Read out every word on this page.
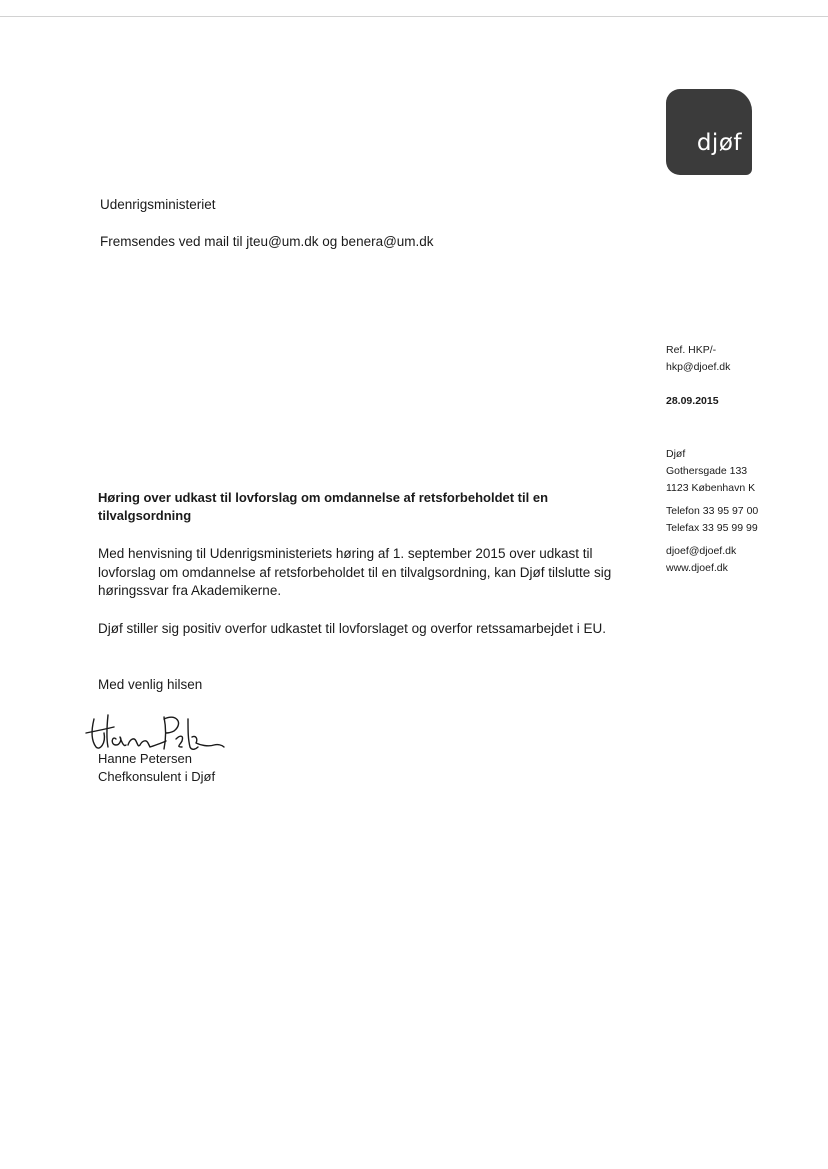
djøf
Udenrigsministeriet
Fremsendes ved mail til jteu@um.dk og benera@um.dk
Ref. HKP/-
hkp@djoef.dk
28.09.2015
Djøf
Gothersgade 133
1123 København K
Telefon 33 95 97 00
Telefax 33 95 99 99
djoef@djoef.dk
www.djoef.dk
Høring over udkast til lovforslag om omdannelse af retsforbeholdet til en tilvalgsordning
Med henvisning til Udenrigsministeriets høring af 1. september 2015 over udkast til lovforslag om omdannelse af retsforbeholdet til en tilvalgsordning, kan Djøf tilslutte sig høringssvar fra Akademikerne.
Djøf stiller sig positiv overfor udkastet til lovforslaget og overfor retssamarbejdet i EU.
Med venlig hilsen
Hanne Petersen
Chefkonsulent i Djøf
